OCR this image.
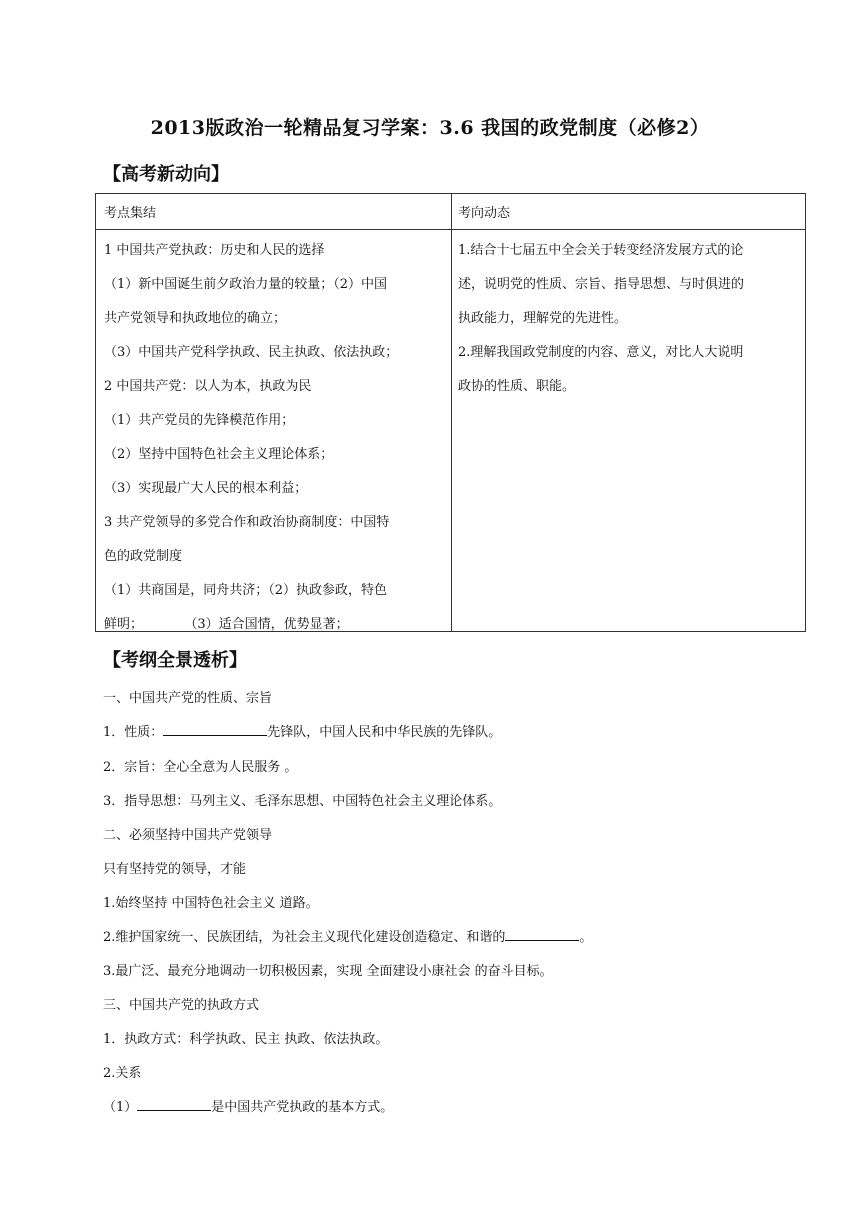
2013版政治一轮精品复习学案：3.6 我国的政党制度（必修2）
【高考新动向】
考点集结	考向动态
1 中国共产党执政：历史和人民的选择
（1）新中国诞生前夕政治力量的较量；（2）中国
共产党领导和执政地位的确立；
（3）中国共产党科学执政、民主执政、依法执政；
2 中国共产党：以人为本，执政为民
（1）共产党员的先锋模范作用；
（2）坚持中国特色社会主义理论体系；
（3）实现最广大人民的根本利益；
3 共产党领导的多党合作和政治协商制度：中国特
色的政党制度
（1）共商国是，同舟共济；（2）执政参政，特色
鲜明；          （3）适合国情，优势显著；
1.结合十七届五中全会关于转变经济发展方式的论
述，说明党的性质、宗旨、指导思想、与时俱进的
执政能力，理解党的先进性。
2.理解我国政党制度的内容、意义，对比人大说明
政协的性质、职能。
【考纲全景透析】
一、中国共产党的性质、宗旨
1．性质：	先锋队，中国人民和中华民族的先锋队。
2．宗旨：全心全意为人民服务 。
3．指导思想：马列主义、毛泽东思想、中国特色社会主义理论体系。
二、必须坚持中国共产党领导
只有坚持党的领导，才能
1.始终坚持 中国特色社会主义 道路。
2.维护国家统一、民族团结，为社会主义现代化建设创造稳定、和谐的	。
3.最广泛、最充分地调动一切积极因素，实现 全面建设小康社会 的奋斗目标。
三、中国共产党的执政方式
1．执政方式：科学执政、民主 执政、依法执政。
2.关系
（1）	是中国共产党执政的基本方式。
